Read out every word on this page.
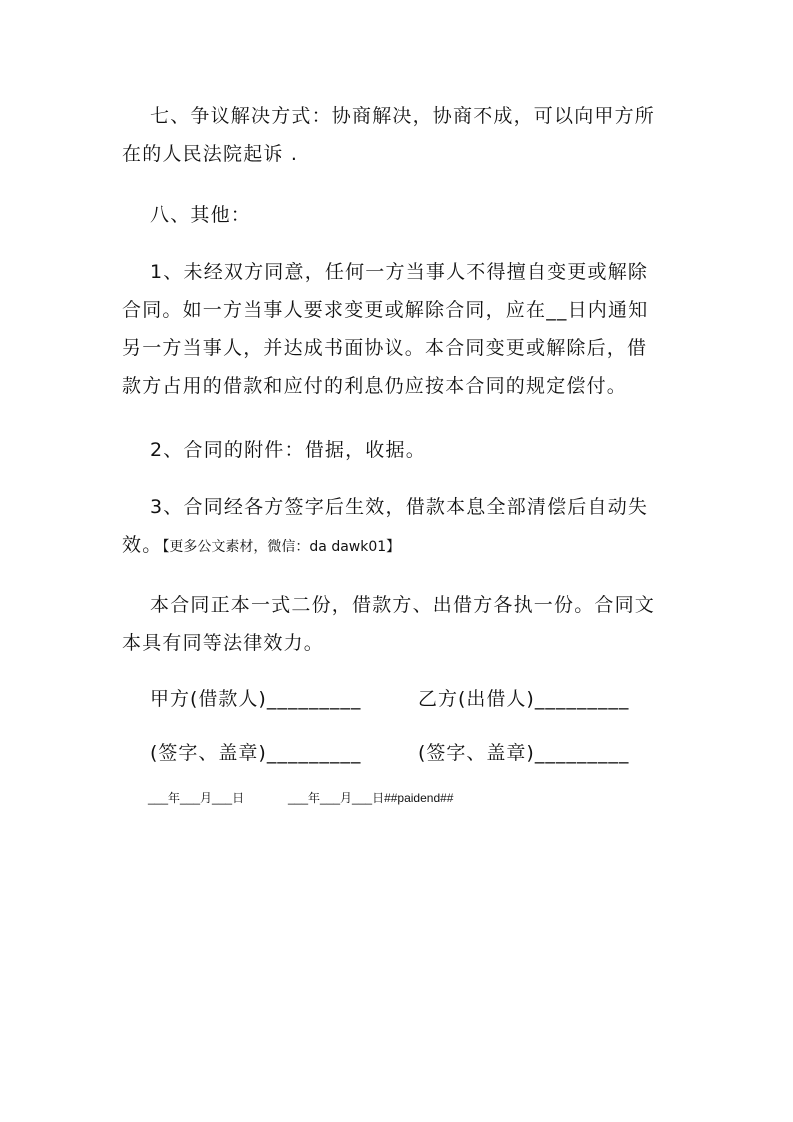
七、争议解决方式：协商解决，协商不成，可以向甲方所
在的人民法院起诉 .
八、其他：
1、未经双方同意，任何一方当事人不得擅自变更或解除
合同。如一方当事人要求变更或解除合同，应在__日内通知
另一方当事人，并达成书面协议。本合同变更或解除后，借
款方占用的借款和应付的利息仍应按本合同的规定偿付。
2、合同的附件：借据，收据。
3、合同经各方签字后生效，借款本息全部清偿后自动失
效。【更多公文素材，微信：da dawk01】
本合同正本一式二份，借款方、出借方各执一份。合同文
本具有同等法律效力。
甲方(借款人)_________	乙方(出借人)_________
(签字、盖章)_________	(签字、盖章)_________
___年___月___日	___年___月___日##paidend##
